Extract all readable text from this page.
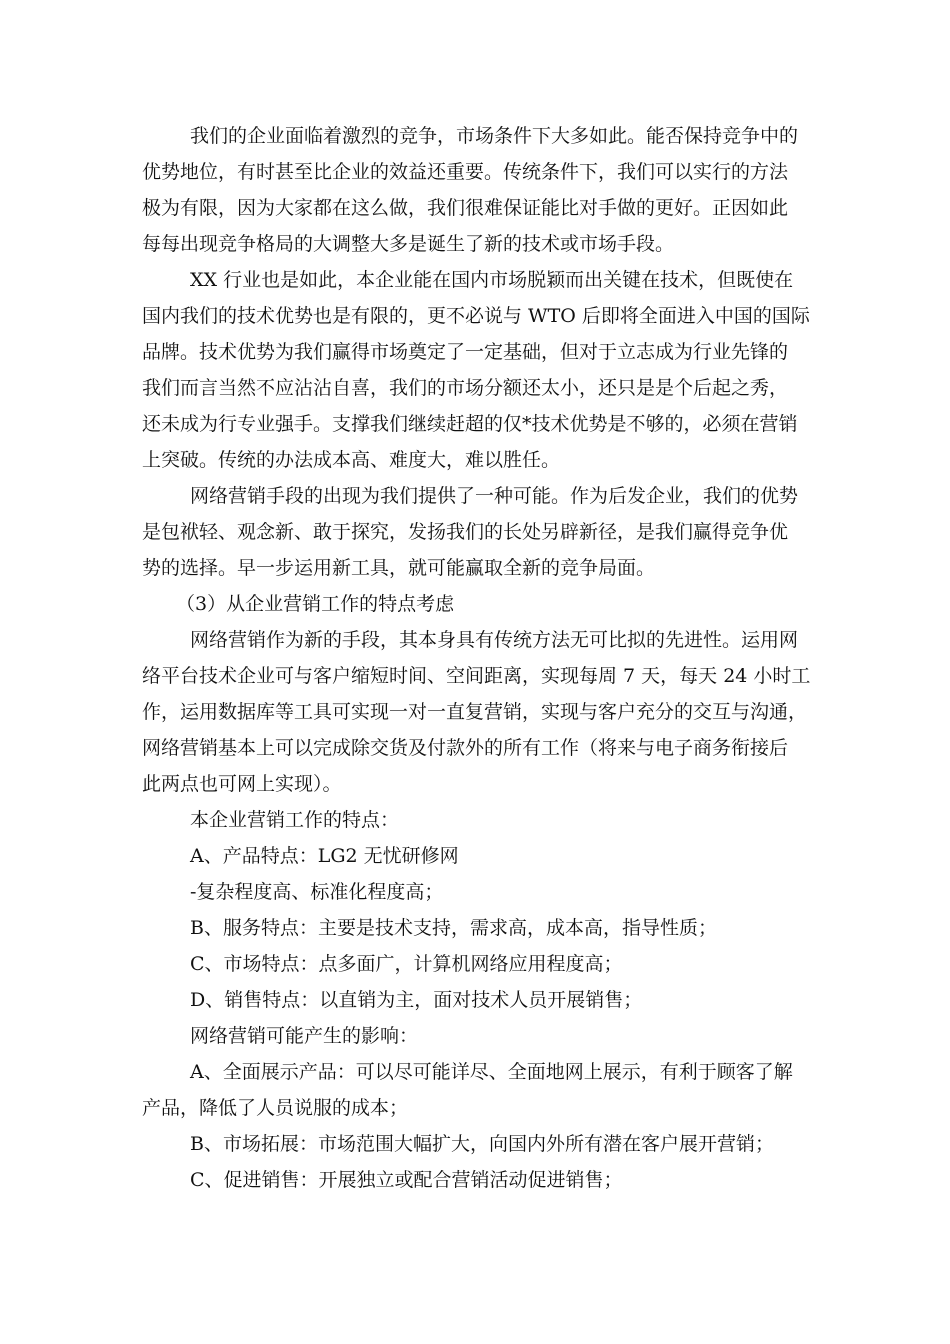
我们的企业面临着激烈的竞争，市场条件下大多如此。能否保持竞争中的
优势地位，有时甚至比企业的效益还重要。传统条件下，我们可以实行的方法
极为有限，因为大家都在这么做，我们很难保证能比对手做的更好。正因如此
每每出现竞争格局的大调整大多是诞生了新的技术或市场手段。
XX 行业也是如此，本企业能在国内市场脱颖而出关键在技术，但既使在
国内我们的技术优势也是有限的，更不必说与 WTO 后即将全面进入中国的国际
品牌。技术优势为我们赢得市场奠定了一定基础，但对于立志成为行业先锋的
我们而言当然不应沾沾自喜，我们的市场分额还太小，还只是是个后起之秀，
还未成为行专业强手。支撑我们继续赶超的仅*技术优势是不够的，必须在营销
上突破。传统的办法成本高、难度大，难以胜任。
网络营销手段的出现为我们提供了一种可能。作为后发企业，我们的优势
是包袱轻、观念新、敢于探究，发扬我们的长处另辟新径，是我们赢得竞争优
势的选择。早一步运用新工具，就可能赢取全新的竞争局面。
（3）从企业营销工作的特点考虑
网络营销作为新的手段，其本身具有传统方法无可比拟的先进性。运用网
络平台技术企业可与客户缩短时间、空间距离，实现每周 7 天，每天 24 小时工
作，运用数据库等工具可实现一对一直复营销，实现与客户充分的交互与沟通，
网络营销基本上可以完成除交货及付款外的所有工作（将来与电子商务衔接后
此两点也可网上实现）。
本企业营销工作的特点：
A、产品特点：LG2 无忧研修网
-复杂程度高、标准化程度高；
B、服务特点：主要是技术支持，需求高，成本高，指导性质；
C、市场特点：点多面广，计算机网络应用程度高；
D、销售特点：以直销为主，面对技术人员开展销售；
网络营销可能产生的影响：
A、全面展示产品：可以尽可能详尽、全面地网上展示，有利于顾客了解
产品，降低了人员说服的成本；
B、市场拓展：市场范围大幅扩大，向国内外所有潜在客户展开营销；
C、促进销售：开展独立或配合营销活动促进销售；
